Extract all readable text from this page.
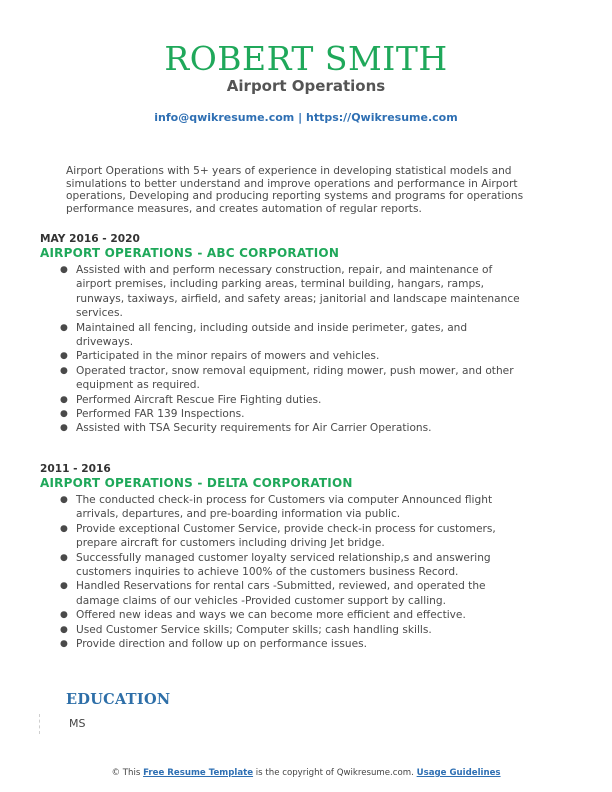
ROBERT SMITH
Airport Operations
info@qwikresume.com | https://Qwikresume.com

Airport Operations with 5+ years of experience in developing statistical models and simulations to better understand and improve operations and performance in Airport operations, Developing and producing reporting systems and programs for operations performance measures, and creates automation of regular reports.

MAY 2016 - 2020
AIRPORT OPERATIONS - ABC CORPORATION
● Assisted with and perform necessary construction, repair, and maintenance of airport premises, including parking areas, terminal building, hangars, ramps, runways, taxiways, airfield, and safety areas; janitorial and landscape maintenance services.
● Maintained all fencing, including outside and inside perimeter, gates, and driveways.
● Participated in the minor repairs of mowers and vehicles.
● Operated tractor, snow removal equipment, riding mower, push mower, and other equipment as required.
● Performed Aircraft Rescue Fire Fighting duties.
● Performed FAR 139 Inspections.
● Assisted with TSA Security requirements for Air Carrier Operations.
2011 - 2016
AIRPORT OPERATIONS - DELTA CORPORATION
● The conducted check-in process for Customers via computer Announced flight arrivals, departures, and pre-boarding information via public.
● Provide exceptional Customer Service, provide check-in process for customers, prepare aircraft for customers including driving Jet bridge.
● Successfully managed customer loyalty serviced relationship,s and answering customers inquiries to achieve 100% of the customers business Record.
● Handled Reservations for rental cars -Submitted, reviewed, and operated the damage claims of our vehicles -Provided customer support by calling.
● Offered new ideas and ways we can become more efficient and effective.
● Used Customer Service skills; Computer skills; cash handling skills.
● Provide direction and follow up on performance issues.
EDUCATION
MS
© This Free Resume Template is the copyright of Qwikresume.com. Usage Guidelines
